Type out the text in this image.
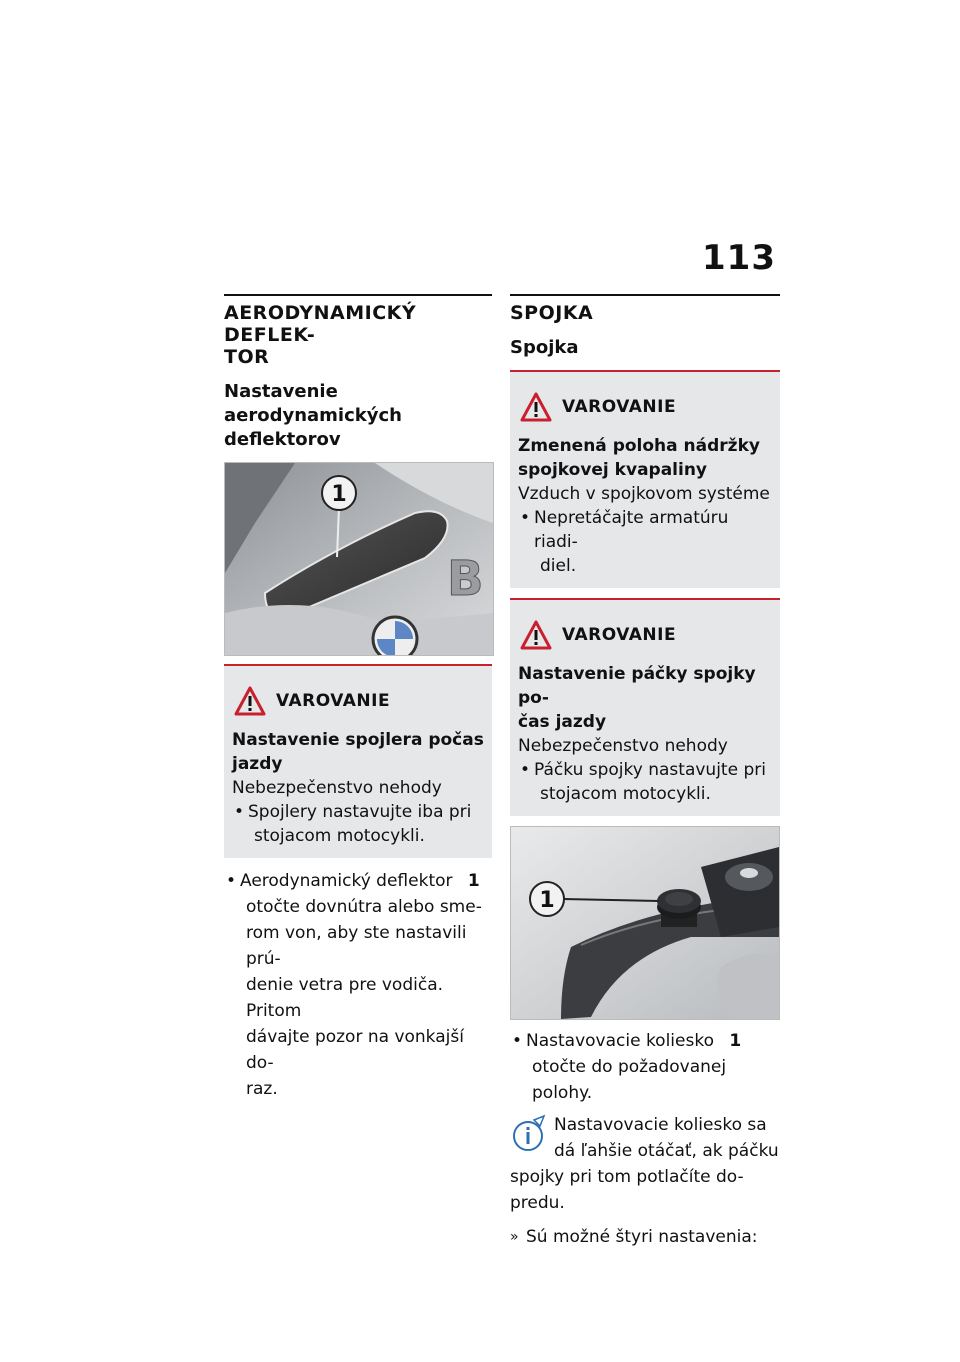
113
AERODYNAMICKÝ DEFLEK-
TOR
Nastavenie aerodynamických
deflektorov
B
1
VAROVANIE
Nastavenie spojlera počas
jazdy
Nebezpečenstvo nehody
• Spojlery nastavujte iba pri
stojacom motocykli.
• Aerodynamický deflektor 1
otočte dovnútra alebo sme-
rom von, aby ste nastavili prú-
denie vetra pre vodiča. Pritom
dávajte pozor na vonkajší do-
raz.
SPOJKA
Spojka
VAROVANIE
Zmenená poloha nádržky
spojkovej kvapaliny
Vzduch v spojkovom systéme
• Nepretáčajte armatúru riadi-
diel.
VAROVANIE
Nastavenie páčky spojky po-
čas jazdy
Nebezpečenstvo nehody
• Páčku spojky nastavujte pri
stojacom motocykli.
1
• Nastavovacie koliesko 1
otočte do požadovanej
polohy.
Nastavovacie koliesko sa
dá ľahšie otáčať, ak páčku
spojky pri tom potlačíte do-
predu.
» Sú možné štyri nastavenia:
